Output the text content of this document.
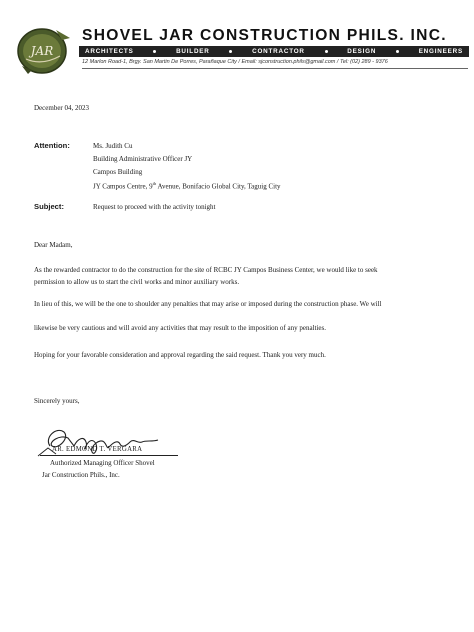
JAR
SHOVEL JAR CONSTRUCTION PHILS. INC.
ARCHITECTS	BUILDER	CONTRACTOR	DESIGN	ENGINEERS
12 Marlon Road-1, Brgy. San Martin De Porres, Parañaque City / Email: sjconstruction.phils@gmail.com / Tel: (02) 289 - 9376
December 04, 2023
Attention:	Ms. Judith Cu
Building Administrative Officer JY
Campos Building
JY Campos Centre, 9th Avenue, Bonifacio Global City, Taguig City
Subject:	Request to proceed with the activity tonight
Dear Madam,
As the rewarded contractor to do the construction for the site of RCBC JY Campos Business Center, we would like to seek
permission to allow us to start the civil works and minor auxiliary works.
In lieu of this, we will be the one to shoulder any penalties that may arise or imposed during the construction phase. We will
likewise be very cautious and will avoid any activities that may result to the imposition of any penalties.
Hoping for your favorable consideration and approval regarding the said request. Thank you very much.
Sincerely yours,
AR. EDMOND T. VERGARA
Authorized Managing Officer Shovel
Jar Construction Phils., Inc.
